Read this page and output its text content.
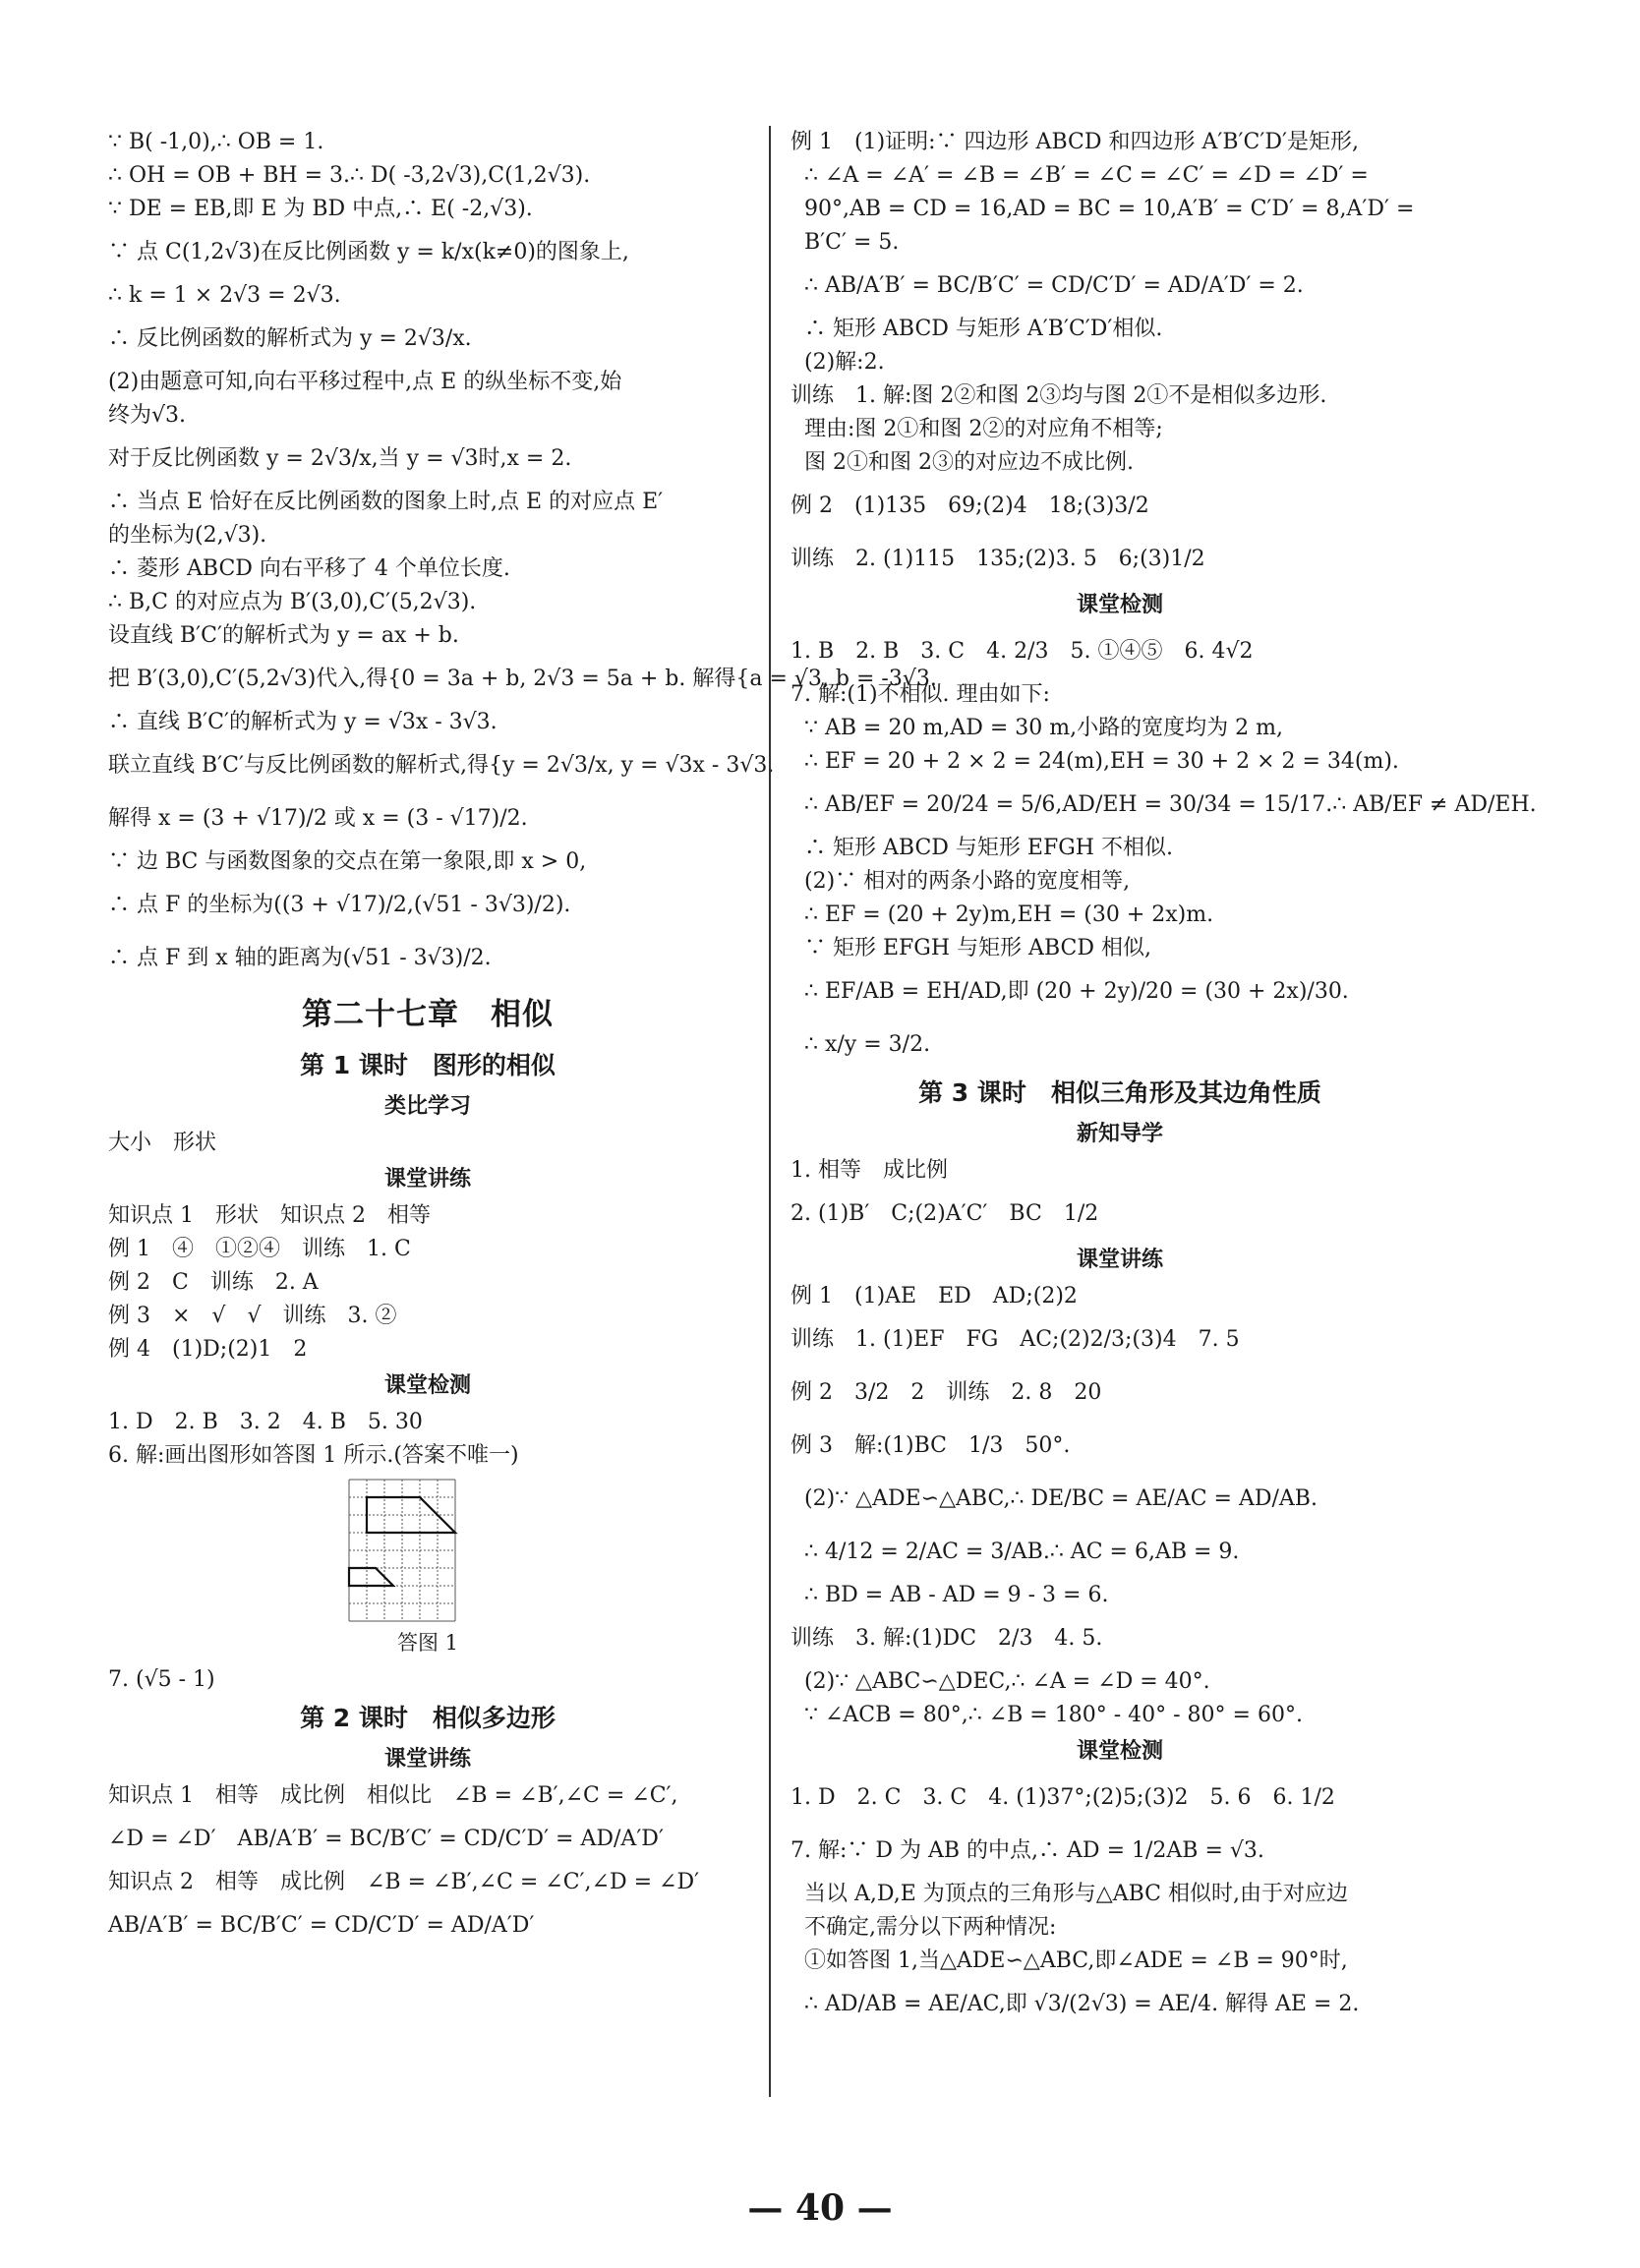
∵ B( -1,0),∴ OB = 1.
∴ OH = OB + BH = 3.∴ D( -3,2√3),C(1,2√3).
∵ DE = EB,即 E 为 BD 中点,∴ E( -2,√3).
∵ 点 C(1,2√3)在反比例函数 y = k/x(k≠0)的图象上,
∴ k = 1 × 2√3 = 2√3.
∴ 反比例函数的解析式为 y = 2√3/x.
(2)由题意可知,向右平移过程中,点 E 的纵坐标不变,始
终为√3.
对于反比例函数 y = 2√3/x,当 y = √3时,x = 2.
∴ 当点 E 恰好在反比例函数的图象上时,点 E 的对应点 E′
的坐标为(2,√3).
∴ 菱形 ABCD 向右平移了 4 个单位长度.
∴ B,C 的对应点为 B′(3,0),C′(5,2√3).
设直线 B′C′的解析式为 y = ax + b.
把 B′(3,0),C′(5,2√3)代入,得{0 = 3a + b, 2√3 = 5a + b. 解得{a = √3, b = -3√3.
∴ 直线 B′C′的解析式为 y = √3x - 3√3.
联立直线 B′C′与反比例函数的解析式,得{y = 2√3/x, y = √3x - 3√3.
解得 x = (3 + √17)/2 或 x = (3 - √17)/2.
∵ 边 BC 与函数图象的交点在第一象限,即 x > 0,
∴ 点 F 的坐标为((3 + √17)/2,(√51 - 3√3)/2).
∴ 点 F 到 x 轴的距离为(√51 - 3√3)/2.
第二十七章　相似
第 1 课时　图形的相似
类比学习
大小　形状
课堂讲练
知识点 1　形状　知识点 2　相等
例 1　④　①②④　训练　1. C
例 2　C　训练　2. A
例 3　×　√　√　训练　3. ②
例 4　(1)D;(2)1　2
课堂检测
1. D　2. B　3. 2　4. B　5. 30
6. 解:画出图形如答图 1 所示.(答案不唯一)
答图 1
7. (√5 - 1)
第 2 课时　相似多边形
课堂讲练
知识点 1　相等　成比例　相似比　∠B = ∠B′,∠C = ∠C′,
∠D = ∠D′　AB/A′B′ = BC/B′C′ = CD/C′D′ = AD/A′D′
知识点 2　相等　成比例　∠B = ∠B′,∠C = ∠C′,∠D = ∠D′
AB/A′B′ = BC/B′C′ = CD/C′D′ = AD/A′D′
例 1　(1)证明:∵ 四边形 ABCD 和四边形 A′B′C′D′是矩形,
∴ ∠A = ∠A′ = ∠B = ∠B′ = ∠C = ∠C′ = ∠D = ∠D′ =
90°,AB = CD = 16,AD = BC = 10,A′B′ = C′D′ = 8,A′D′ =
B′C′ = 5.
∴ AB/A′B′ = BC/B′C′ = CD/C′D′ = AD/A′D′ = 2.
∴ 矩形 ABCD 与矩形 A′B′C′D′相似.
(2)解:2.
训练　1. 解:图 2②和图 2③均与图 2①不是相似多边形.
理由:图 2①和图 2②的对应角不相等;
图 2①和图 2③的对应边不成比例.
例 2　(1)135　69;(2)4　18;(3)3/2
训练　2. (1)115　135;(2)3. 5　6;(3)1/2
课堂检测
1. B　2. B　3. C　4. 2/3　5. ①④⑤　6. 4√2
7. 解:(1)不相似. 理由如下:
∵ AB = 20 m,AD = 30 m,小路的宽度均为 2 m,
∴ EF = 20 + 2 × 2 = 24(m),EH = 30 + 2 × 2 = 34(m).
∴ AB/EF = 20/24 = 5/6,AD/EH = 30/34 = 15/17.∴ AB/EF ≠ AD/EH.
∴ 矩形 ABCD 与矩形 EFGH 不相似.
(2)∵ 相对的两条小路的宽度相等,
∴ EF = (20 + 2y)m,EH = (30 + 2x)m.
∵ 矩形 EFGH 与矩形 ABCD 相似,
∴ EF/AB = EH/AD,即 (20 + 2y)/20 = (30 + 2x)/30.
∴ x/y = 3/2.
第 3 课时　相似三角形及其边角性质
新知导学
1. 相等　成比例
2. (1)B′　C;(2)A′C′　BC　1/2
课堂讲练
例 1　(1)AE　ED　AD;(2)2
训练　1. (1)EF　FG　AC;(2)2/3;(3)4　7. 5
例 2　3/2　2　训练　2. 8　20
例 3　解:(1)BC　1/3　50°.
(2)∵ △ADE∽△ABC,∴ DE/BC = AE/AC = AD/AB.
∴ 4/12 = 2/AC = 3/AB.∴ AC = 6,AB = 9.
∴ BD = AB - AD = 9 - 3 = 6.
训练　3. 解:(1)DC　2/3　4. 5.
(2)∵ △ABC∽△DEC,∴ ∠A = ∠D = 40°.
∵ ∠ACB = 80°,∴ ∠B = 180° - 40° - 80° = 60°.
课堂检测
1. D　2. C　3. C　4. (1)37°;(2)5;(3)2　5. 6　6. 1/2
7. 解:∵ D 为 AB 的中点,∴ AD = 1/2AB = √3.
当以 A,D,E 为顶点的三角形与△ABC 相似时,由于对应边
不确定,需分以下两种情况:
①如答图 1,当△ADE∽△ABC,即∠ADE = ∠B = 90°时,
∴ AD/AB = AE/AC,即 √3/(2√3) = AE/4. 解得 AE = 2.
— 40 —
